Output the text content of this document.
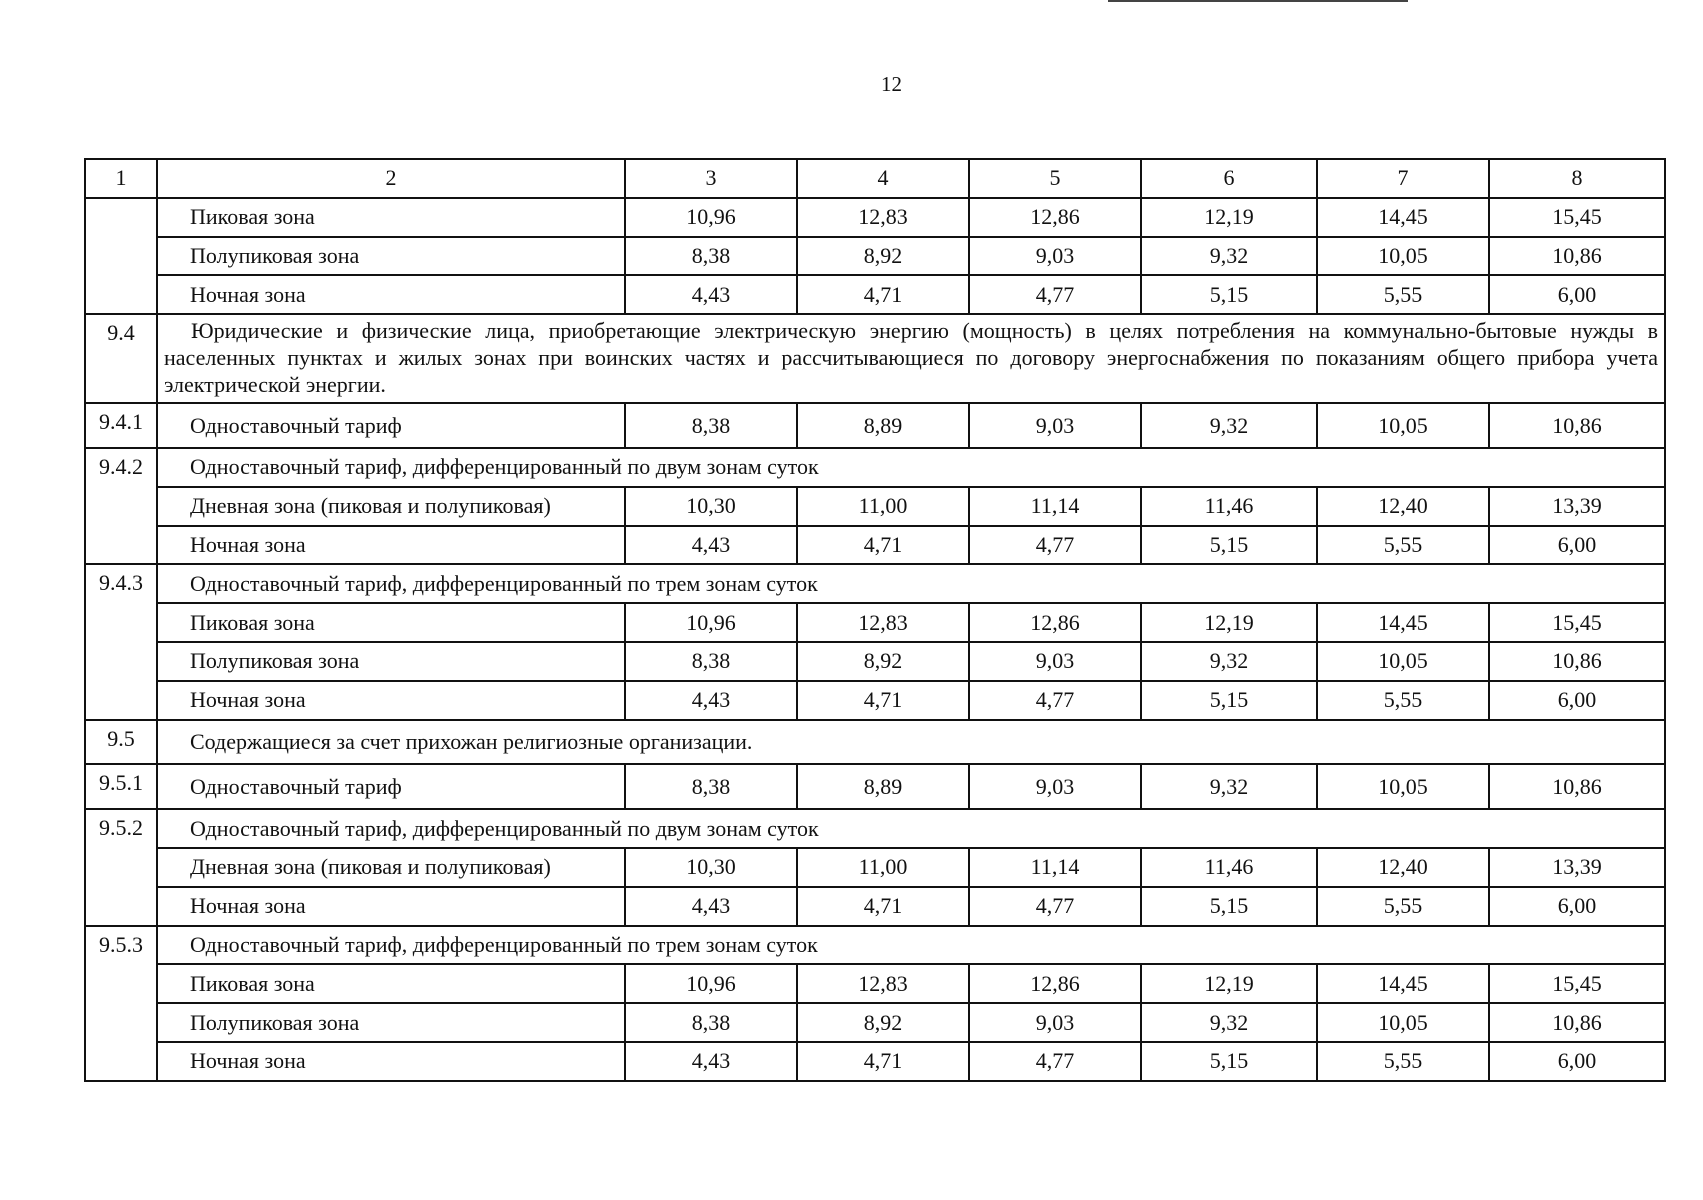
12
1	2	3	4	5	6	7	8
	Пиковая зона	10,96	12,83	12,86	12,19	14,45	15,45
	Полупиковая зона	8,38	8,92	9,03	9,32	10,05	10,86
	Ночная зона	4,43	4,71	4,77	5,15	5,55	6,00
9.4	Юридические и физические лица, приобретающие электрическую энергию (мощность) в целях потребления на коммунально-бытовые нужды в населенных пунктах и жилых зонах при воинских частях и рассчитывающиеся по договору энергоснабжения по показаниям общего прибора учета электрической энергии.						
9.4.1	Одноставочный тариф	8,38	8,89	9,03	9,32	10,05	10,86
9.4.2	Одноставочный тариф, дифференцированный по двум зонам суток						
	Дневная зона (пиковая и полупиковая)	10,30	11,00	11,14	11,46	12,40	13,39
	Ночная зона	4,43	4,71	4,77	5,15	5,55	6,00
9.4.3	Одноставочный тариф, дифференцированный по трем зонам суток						
	Пиковая зона	10,96	12,83	12,86	12,19	14,45	15,45
	Полупиковая зона	8,38	8,92	9,03	9,32	10,05	10,86
	Ночная зона	4,43	4,71	4,77	5,15	5,55	6,00
9.5	Содержащиеся за счет прихожан религиозные организации.						
9.5.1	Одноставочный тариф	8,38	8,89	9,03	9,32	10,05	10,86
9.5.2	Одноставочный тариф, дифференцированный по двум зонам суток						
	Дневная зона (пиковая и полупиковая)	10,30	11,00	11,14	11,46	12,40	13,39
	Ночная зона	4,43	4,71	4,77	5,15	5,55	6,00
9.5.3	Одноставочный тариф, дифференцированный по трем зонам суток						
	Пиковая зона	10,96	12,83	12,86	12,19	14,45	15,45
	Полупиковая зона	8,38	8,92	9,03	9,32	10,05	10,86
	Ночная зона	4,43	4,71	4,77	5,15	5,55	6,00
